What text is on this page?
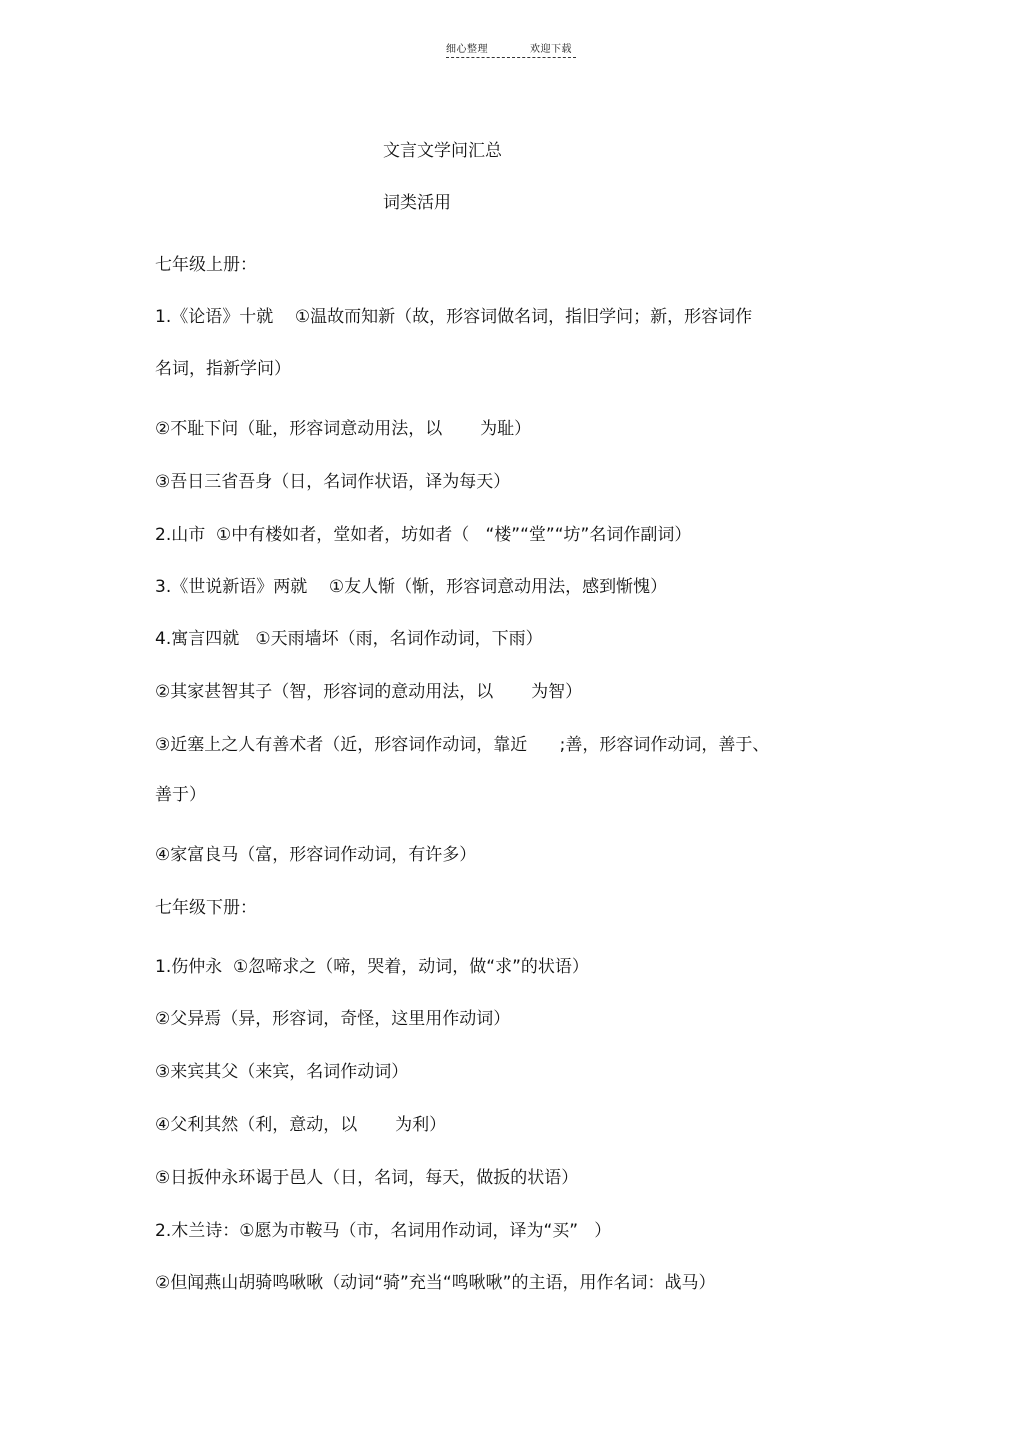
细心整理	欢迎下载
文言文学问汇总
词类活用
七年级上册：
1.《论语》十就    ①温故而知新（故，形容词做名词，指旧学问；新，形容词作
名词，指新学问）
②不耻下问（耻，形容词意动用法，以       为耻）
③吾日三省吾身（日，名词作状语，译为每天）
2.山市  ①中有楼如者，堂如者，坊如者（   “楼”“堂”“坊”名词作副词）
3.《世说新语》两就    ①友人惭（惭，形容词意动用法，感到惭愧）
4.寓言四就   ①天雨墙坏（雨，名词作动词，下雨）
②其家甚智其子（智，形容词的意动用法，以       为智）
③近塞上之人有善术者（近，形容词作动词，靠近      ;善，形容词作动词，善于、
善于）
④家富良马（富，形容词作动词，有许多）
七年级下册：
1.伤仲永  ①忽啼求之（啼，哭着，动词，做“求”的状语）
②父异焉（异，形容词，奇怪，这里用作动词）
③来宾其父（来宾，名词作动词）
④父利其然（利，意动，以       为利）
⑤日扳仲永环谒于邑人（日，名词，每天，做扳的状语）
2.木兰诗：①愿为市鞍马（市，名词用作动词，译为“买”   ）
②但闻燕山胡骑鸣啾啾（动词“骑”充当“鸣啾啾”的主语，用作名词：战马）
